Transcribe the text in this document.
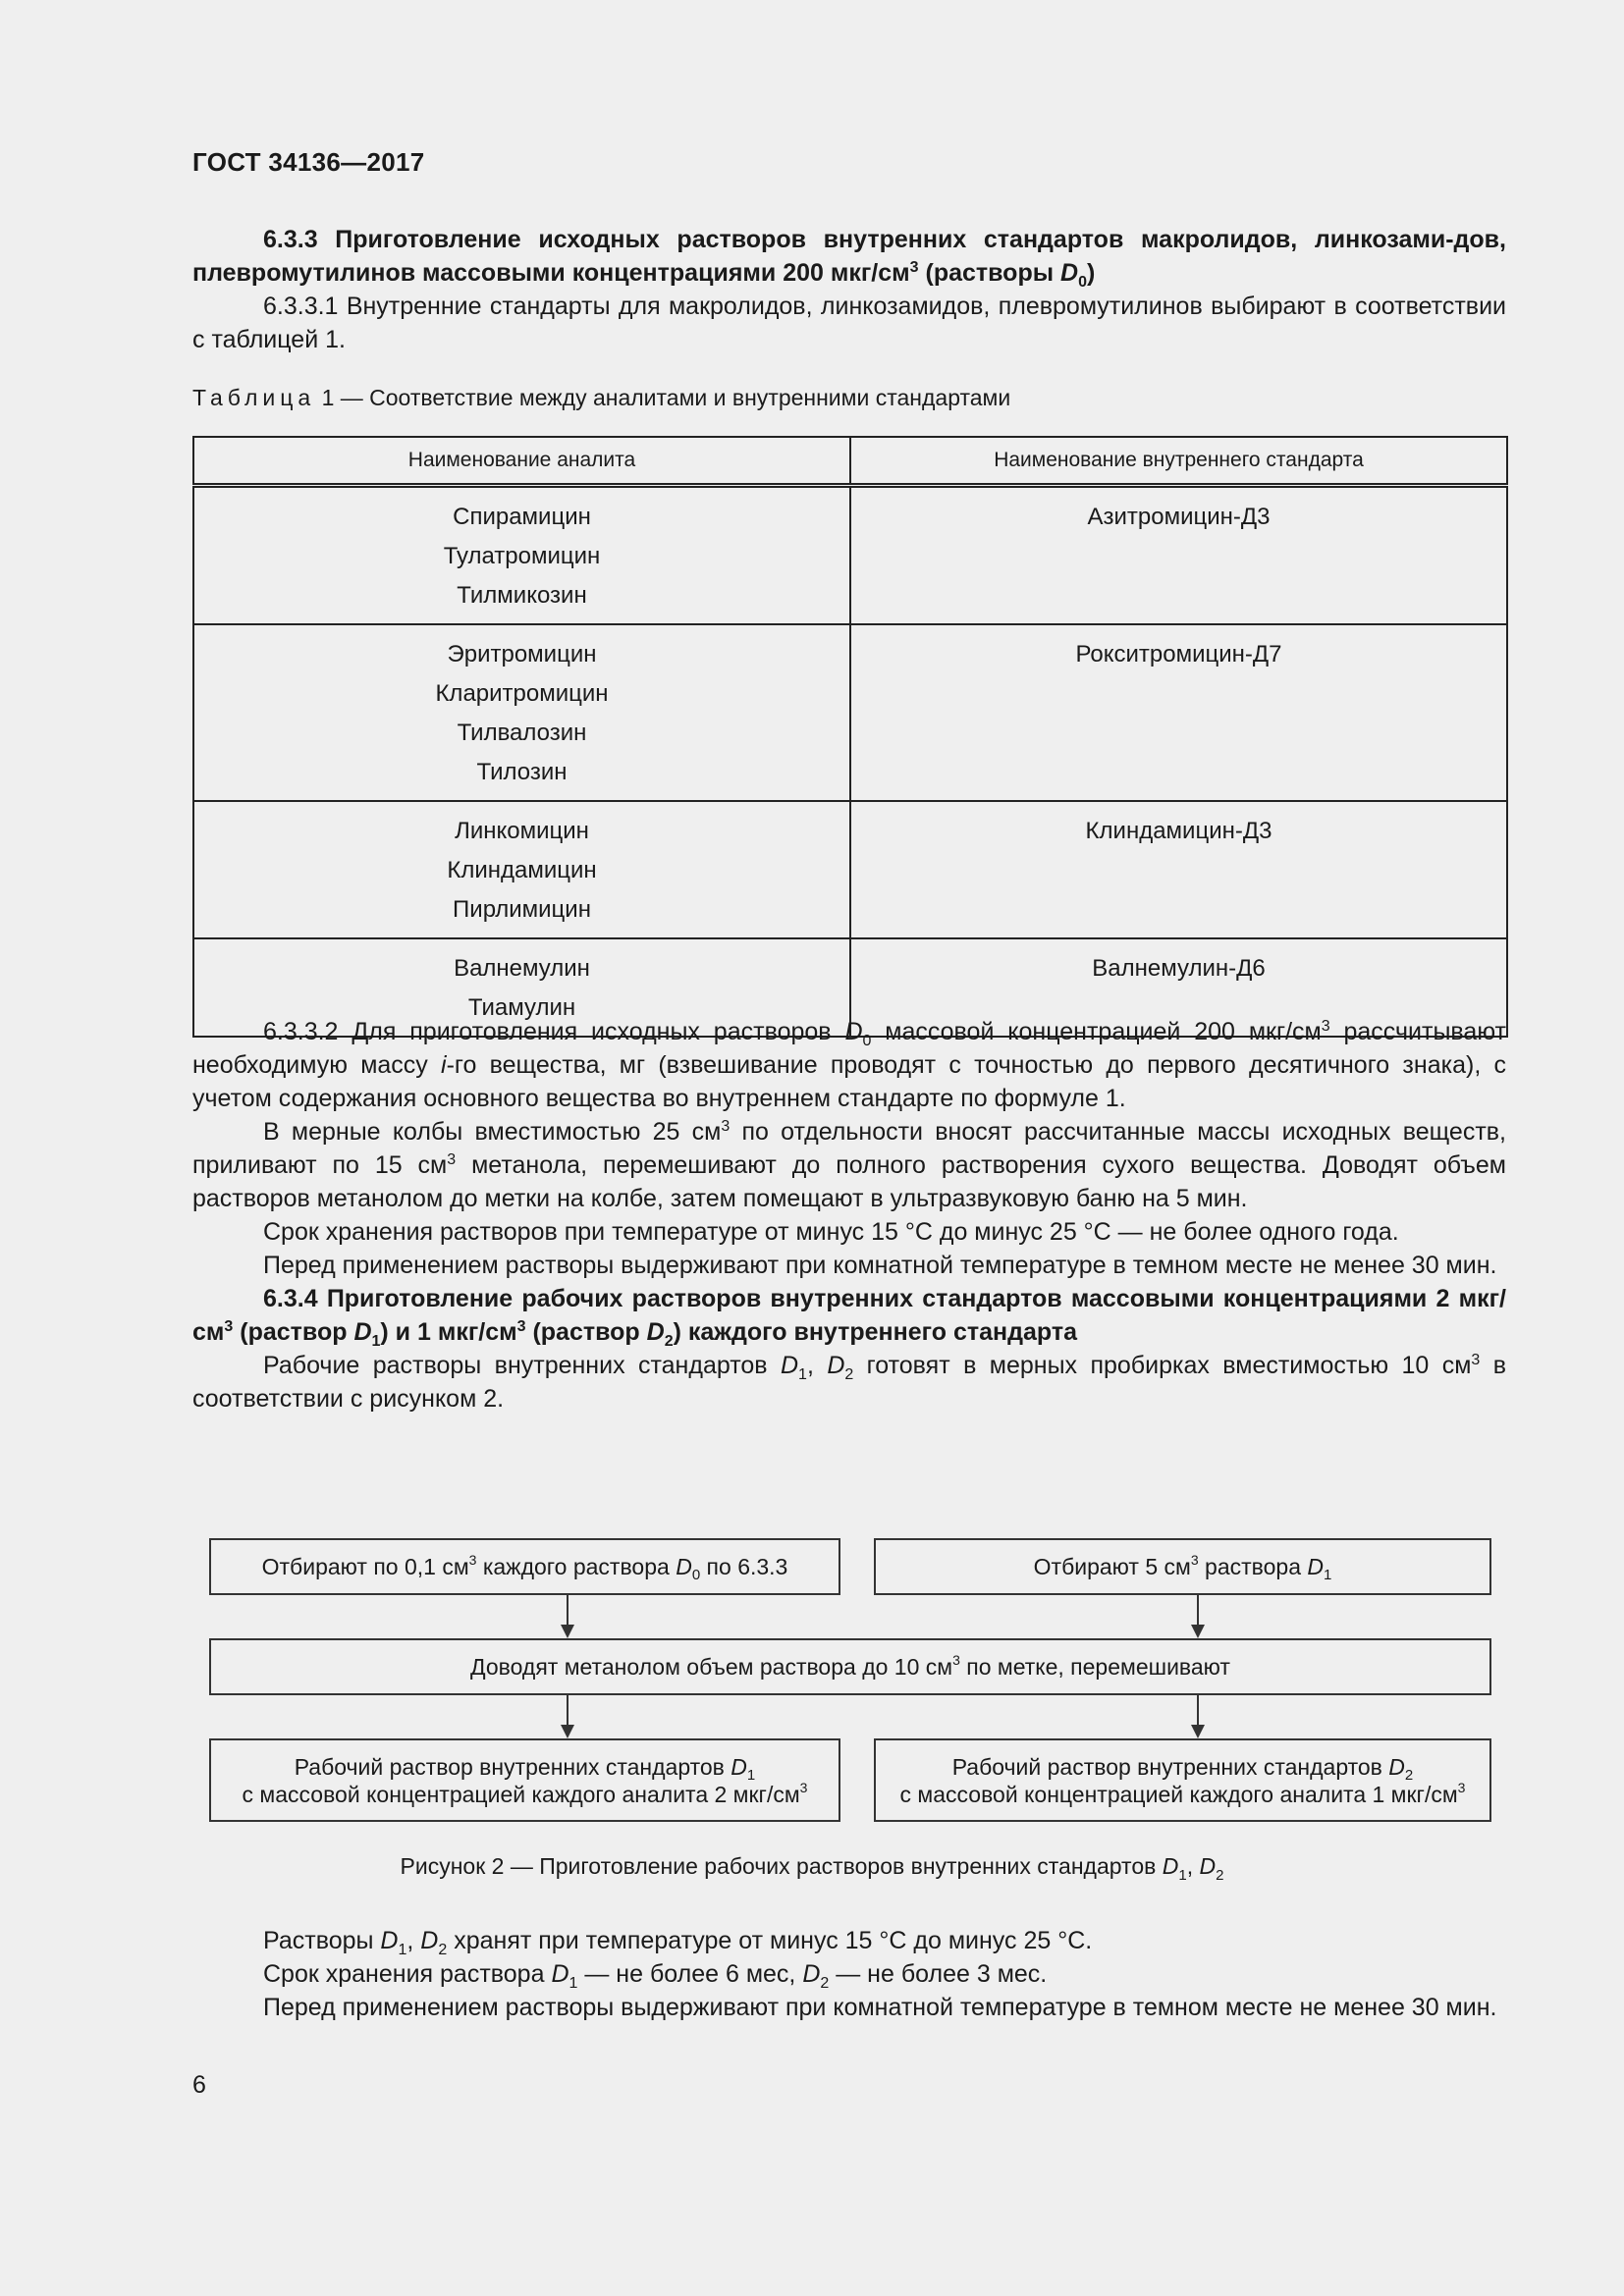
ГОСТ 34136—2017

6.3.3 Приготовление исходных растворов внутренних стандартов макролидов, линкозами-дов, плевромутилинов массовыми концентрациями 200 мкг/$см^3$ (растворы $D_0$)

6.3.3.1 Внутренние стандарты для макролидов, линкозамидов, плевромутилинов выбирают в соответствии с таблицей 1.

Таблица 1 — Соответствие между аналитами и внутренними стандартами
Наименование аналита	Наименование внутреннего стандарта

Спирамицин
Тулатромицин
Тилмикозин	Азитромицин-Д3

Эритромицин
Кларитромицин
Тилвалозин
Тилозин	Рокситромицин-Д7

Линкомицин
Клиндамицин
Пирлимицин	Клиндамицин-Д3

Валнемулин
Тиамулин	Валнемулин-Д6

6.3.3.2 Для приготовления исходных растворов $D_0$ массовой концентрацией 200 мкг/$см^3$ рассчитывают необходимую массу i-го вещества, мг (взвешивание проводят с точностью до первого десятичного знака), с учетом содержания основного вещества во внутреннем стандарте по формуле 1.

В мерные колбы вместимостью 25 $см^3$ по отдельности вносят рассчитанные массы исходных веществ, приливают по 15 $см^3$ метанола, перемешивают до полного растворения сухого вещества. Доводят объем растворов метанолом до метки на колбе, затем помещают в ультразвуковую баню на 5 мин.

Срок хранения растворов при температуре от минус 15 °С до минус 25 °С — не более одного года.

Перед применением растворы выдерживают при комнатной температуре в темном месте не менее 30 мин.

6.3.4 Приготовление рабочих растворов внутренних стандартов массовыми концентрациями 2 мкг/$см^3$ (раствор $D_1$) и 1 мкг/$см^3$ (раствор $D_2$) каждого внутреннего стандарта

Рабочие растворы внутренних стандартов $D_1$, $D_2$ готовят в мерных пробирках вместимостью 10 $см^3$ в соответствии с рисунком 2.

Отбирают по 0,1 $см^3$ каждого раствора $D_0$ по 6.3.3	Отбирают 5 $см^3$ раствора $D_1$
Доводят метанолом объем раствора до 10 $см^3$ по метке, перемешивают
Рабочий раствор внутренних стандартов $D_1$
с массовой концентрацией каждого аналита 2 мкг/$см^3$
Рабочий раствор внутренних стандартов $D_2$
с массовой концентрацией каждого аналита 1 мкг/$см^3$
Рисунок 2 — Приготовление рабочих растворов внутренних стандартов $D_1$, $D_2$

Растворы $D_1$, $D_2$ хранят при температуре от минус 15 °С до минус 25 °С.

Срок хранения раствора $D_1$ — не более 6 мес, $D_2$ — не более 3 мес.

Перед применением растворы выдерживают при комнатной температуре в темном месте не менее 30 мин.

6
